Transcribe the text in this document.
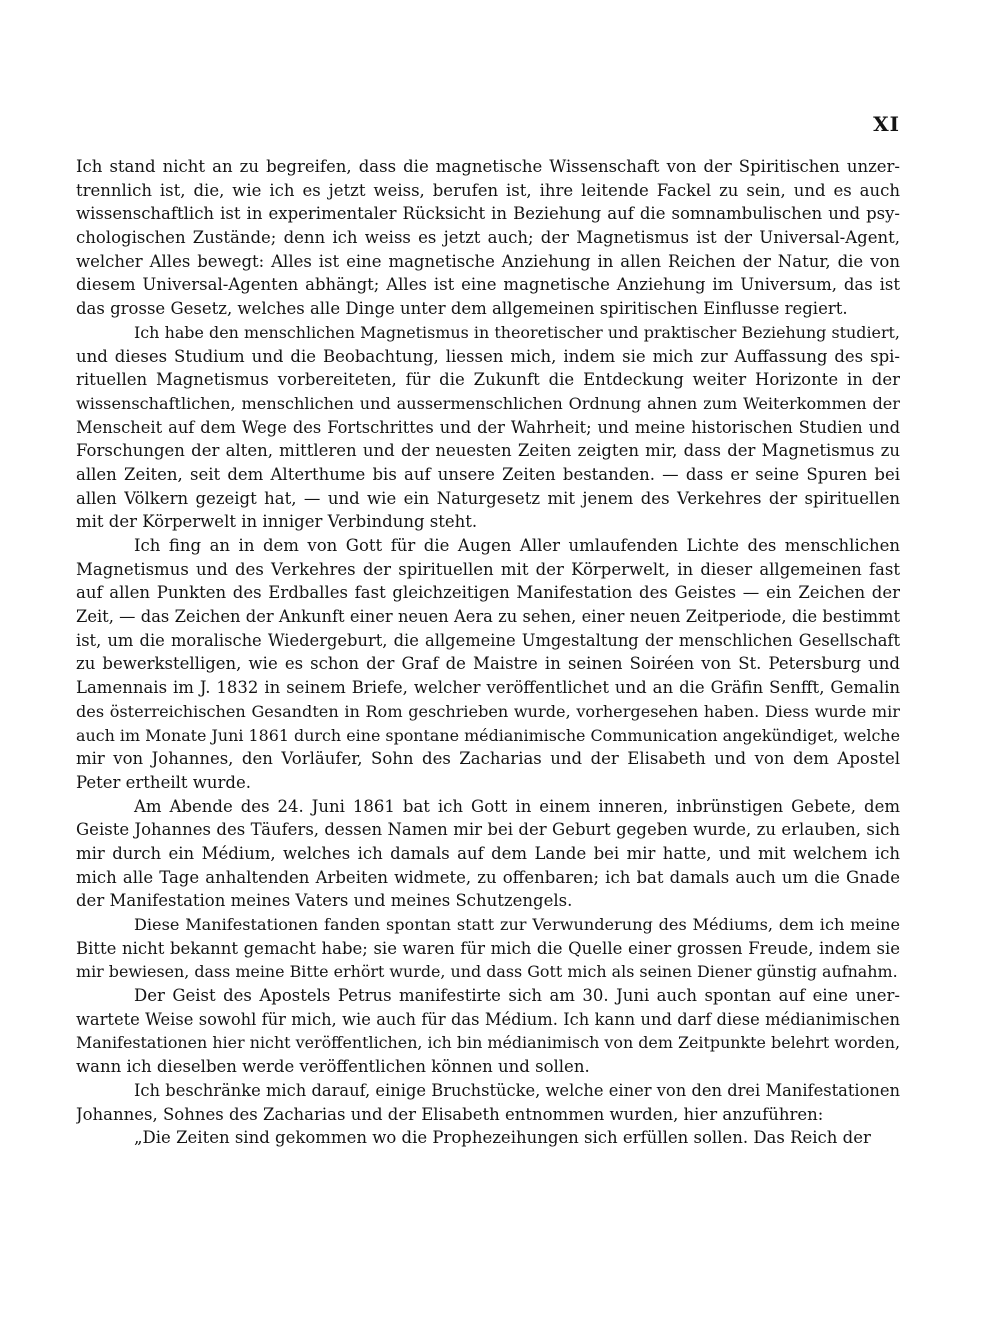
XI
Ich stand nicht an zu begreifen, dass die magnetische Wissenschaft von der Spiritischen unzer-
trennlich ist, die, wie ich es jetzt weiss, berufen ist, ihre leitende Fackel zu sein, und es auch
wissenschaftlich ist in experimentaler Rücksicht in Beziehung auf die somnambulischen und psy-
chologischen Zustände; denn ich weiss es jetzt auch; der Magnetismus ist der Universal-Agent,
welcher Alles bewegt: Alles ist eine magnetische Anziehung in allen Reichen der Natur, die von
diesem Universal-Agenten abhängt; Alles ist eine magnetische Anziehung im Universum, das ist
das grosse Gesetz, welches alle Dinge unter dem allgemeinen spiritischen Einflusse regiert.
Ich habe den menschlichen Magnetismus in theoretischer und praktischer Beziehung studiert,
und dieses Studium und die Beobachtung, liessen mich, indem sie mich zur Auffassung des spi-
rituellen Magnetismus vorbereiteten, für die Zukunft die Entdeckung weiter Horizonte in der
wissenschaftlichen, menschlichen und aussermenschlichen Ordnung ahnen zum Weiterkommen der
Menscheit auf dem Wege des Fortschrittes und der Wahrheit; und meine historischen Studien und
Forschungen der alten, mittleren und der neuesten Zeiten zeigten mir, dass der Magnetismus zu
allen Zeiten, seit dem Alterthume bis auf unsere Zeiten bestanden. — dass er seine Spuren bei
allen Völkern gezeigt hat, — und wie ein Naturgesetz mit jenem des Verkehres der spirituellen
mit der Körperwelt in inniger Verbindung steht.
Ich fing an in dem von Gott für die Augen Aller umlaufenden Lichte des menschlichen
Magnetismus und des Verkehres der spirituellen mit der Körperwelt, in dieser allgemeinen fast
auf allen Punkten des Erdballes fast gleichzeitigen Manifestation des Geistes — ein Zeichen der
Zeit, — das Zeichen der Ankunft einer neuen Aera zu sehen, einer neuen Zeitperiode, die bestimmt
ist, um die moralische Wiedergeburt, die allgemeine Umgestaltung der menschlichen Gesellschaft
zu bewerkstelligen, wie es schon der Graf de Maistre in seinen Soiréen von St. Petersburg und
Lamennais im J. 1832 in seinem Briefe, welcher veröffentlichet und an die Gräfin Senfft, Gemalin
des österreichischen Gesandten in Rom geschrieben wurde, vorhergesehen haben. Diess wurde mir
auch im Monate Juni 1861 durch eine spontane médianimische Communication angekündiget, welche
mir von Johannes, den Vorläufer, Sohn des Zacharias und der Elisabeth und von dem Apostel
Peter ertheilt wurde.
Am Abende des 24. Juni 1861 bat ich Gott in einem inneren, inbrünstigen Gebete, dem
Geiste Johannes des Täufers, dessen Namen mir bei der Geburt gegeben wurde, zu erlauben, sich
mir durch ein Médium, welches ich damals auf dem Lande bei mir hatte, und mit welchem ich
mich alle Tage anhaltenden Arbeiten widmete, zu offenbaren; ich bat damals auch um die Gnade
der Manifestation meines Vaters und meines Schutzengels.
Diese Manifestationen fanden spontan statt zur Verwunderung des Médiums, dem ich meine
Bitte nicht bekannt gemacht habe; sie waren für mich die Quelle einer grossen Freude, indem sie
mir bewiesen, dass meine Bitte erhört wurde, und dass Gott mich als seinen Diener günstig aufnahm.
Der Geist des Apostels Petrus manifestirte sich am 30. Juni auch spontan auf eine uner-
wartete Weise sowohl für mich, wie auch für das Médium. Ich kann und darf diese médianimischen
Manifestationen hier nicht veröffentlichen, ich bin médianimisch von dem Zeitpunkte belehrt worden,
wann ich dieselben werde veröffentlichen können und sollen.
Ich beschränke mich darauf, einige Bruchstücke, welche einer von den drei Manifestationen
Johannes, Sohnes des Zacharias und der Elisabeth entnommen wurden, hier anzuführen:
„Die Zeiten sind gekommen wo die Prophezeihungen sich erfüllen sollen. Das Reich der
